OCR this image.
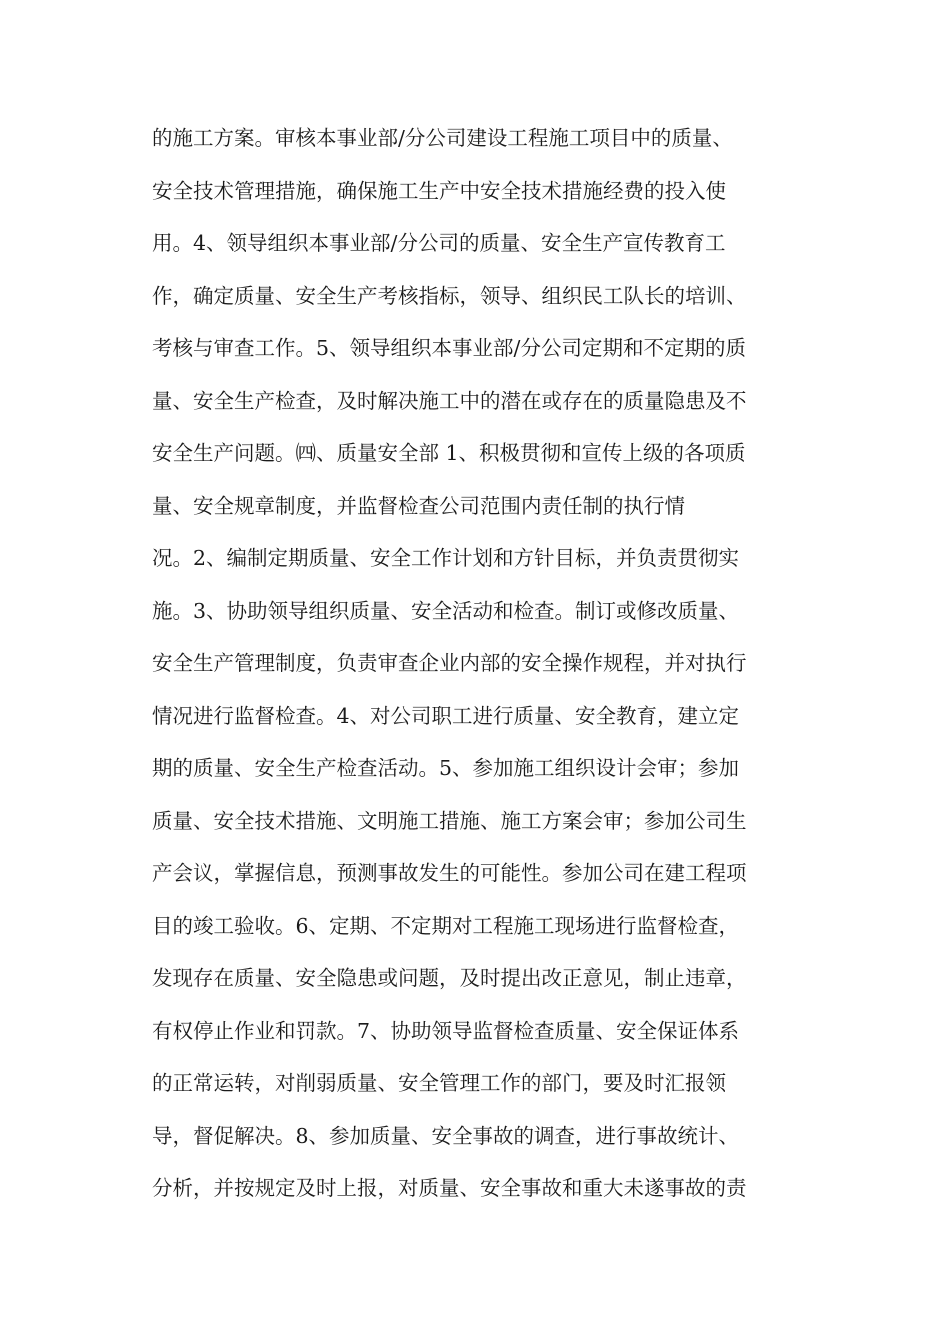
的施工方案。审核本事业部/分公司建设工程施工项目中的质量、
安全技术管理措施，确保施工生产中安全技术措施经费的投入使
用。4、领导组织本事业部/分公司的质量、安全生产宣传教育工
作，确定质量、安全生产考核指标，领导、组织民工队长的培训、
考核与审查工作。5、领导组织本事业部/分公司定期和不定期的质
量、安全生产检查，及时解决施工中的潜在或存在的质量隐患及不
安全生产问题。㈣、质量安全部 1、积极贯彻和宣传上级的各项质
量、安全规章制度，并监督检查公司范围内责任制的执行情
况。2、编制定期质量、安全工作计划和方针目标，并负责贯彻实
施。3、协助领导组织质量、安全活动和检查。制订或修改质量、
安全生产管理制度，负责审查企业内部的安全操作规程，并对执行
情况进行监督检查。4、对公司职工进行质量、安全教育，建立定
期的质量、安全生产检查活动。5、参加施工组织设计会审；参加
质量、安全技术措施、文明施工措施、施工方案会审；参加公司生
产会议，掌握信息，预测事故发生的可能性。参加公司在建工程项
目的竣工验收。6、定期、不定期对工程施工现场进行监督检查，
发现存在质量、安全隐患或问题，及时提出改正意见，制止违章，
有权停止作业和罚款。7、协助领导监督检查质量、安全保证体系
的正常运转，对削弱质量、安全管理工作的部门，要及时汇报领
导，督促解决。8、参加质量、安全事故的调查，进行事故统计、
分析，并按规定及时上报，对质量、安全事故和重大未遂事故的责
